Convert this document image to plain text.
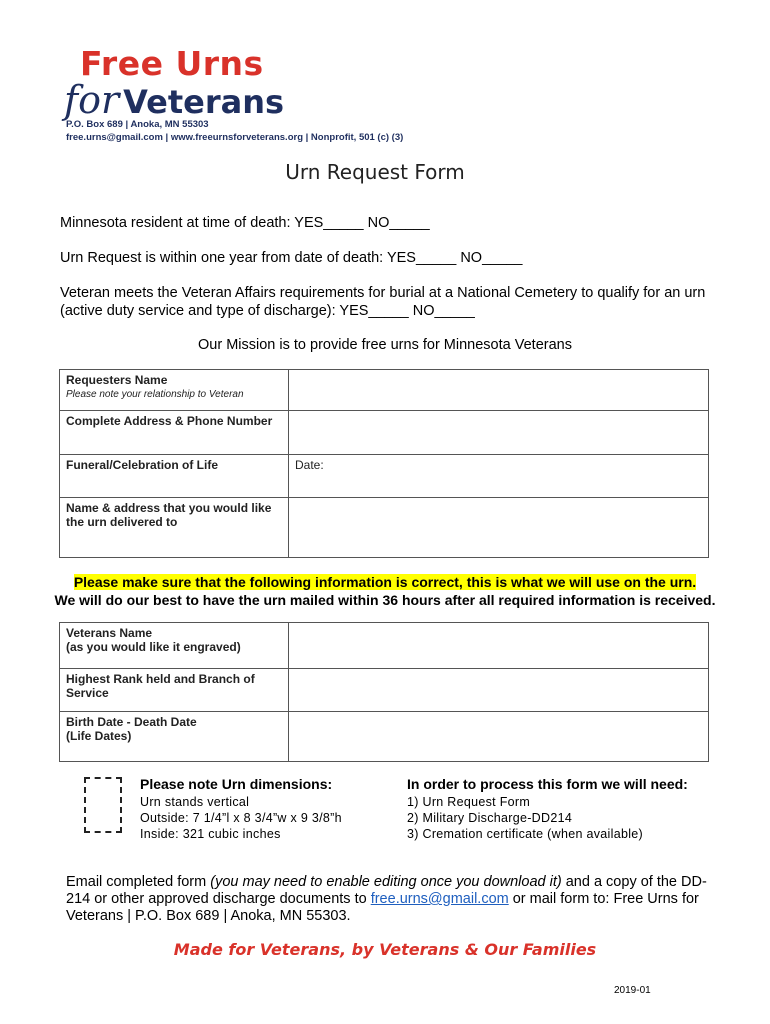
Free Urns
for Veterans
P.O. Box 689 | Anoka, MN 55303
free.urns@gmail.com | www.freeurnsforveterans.org | Nonprofit, 501 (c) (3)
Urn Request Form
Minnesota resident at time of death: YES_____ NO_____
Urn Request is within one year from date of death: YES_____ NO_____
Veteran meets the Veteran Affairs requirements for burial at a National Cemetery to qualify for an urn (active duty service and type of discharge): YES_____ NO_____
Our Mission is to provide free urns for Minnesota Veterans
Requesters Name
Please note your relationship to Veteran	

Complete Address & Phone Number	
Funeral/Celebration of Life	Date:
Name & address that you would like the urn delivered to	
Please make sure that the following information is correct, this is what we will use on the urn.
We will do our best to have the urn mailed within 36 hours after all required information is received.
Veterans Name
(as you would like it engraved)	
Highest Rank held and Branch of Service	
Birth Date - Death Date
(Life Dates)	
Please note Urn dimensions:
Urn stands vertical
Outside: 7 1/4”l x 8 3/4”w x 9 3/8”h
Inside: 321 cubic inches
In order to process this form we will need:
1) Urn Request Form
2) Military Discharge-DD214
3) Cremation certificate (when available)
Email completed form (you may need to enable editing once you download it) and a copy of the DD-214 or other approved discharge documents to free.urns@gmail.com or mail form to: Free Urns for Veterans | P.O. Box 689 | Anoka, MN 55303.
Made for Veterans, by Veterans & Our Families
2019-01
